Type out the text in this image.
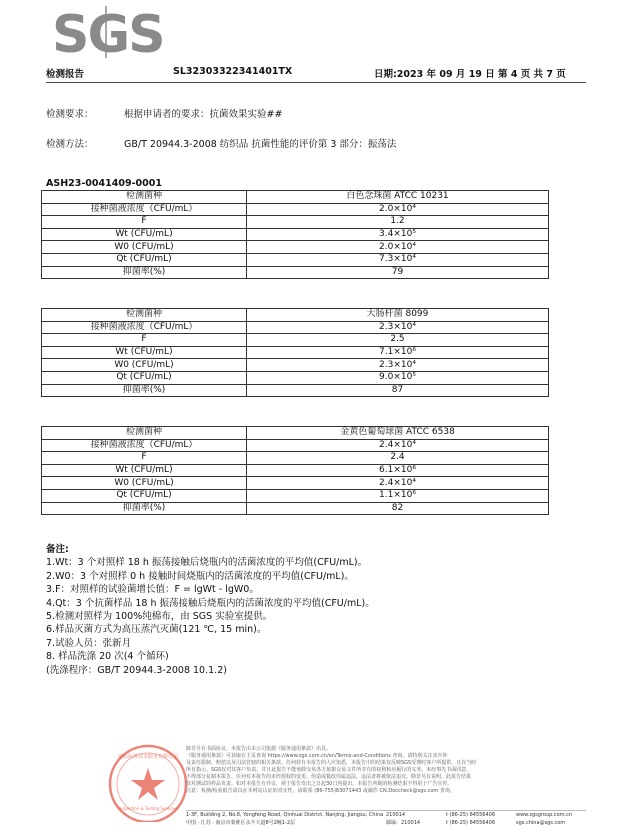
SGS
检测报告	SL32303322341401TX	日期:2023 年 09 月 19 日 第 4 页 共 7 页
检测要求：	根据申请者的要求：抗菌效果实验##
检测方法：	GB/T 20944.3-2008 纺织品 抗菌性能的评价第 3 部分：振荡法
ASH23-0041409-0001
检测菌种	白色念珠菌 ATCC 10231
接种菌液浓度（CFU/mL）	2.0×10⁴
F	1.2
Wt (CFU/mL)	3.4×10⁵
W0 (CFU/mL)	2.0×10⁴
Qt (CFU/mL)	7.3×10⁴
抑菌率(%)	79
检测菌种	大肠杆菌 8099
接种菌液浓度（CFU/mL）	2.3×10⁴
F	2.5
Wt (CFU/mL)	7.1×10⁶
W0 (CFU/mL)	2.3×10⁴
Qt (CFU/mL)	9.0×10⁵
抑菌率(%)	87
检测菌种	金黄色葡萄球菌 ATCC 6538
接种菌液浓度（CFU/mL）	2.4×10⁴
F	2.4
Wt (CFU/mL)	6.1×10⁶
W0 (CFU/mL)	2.4×10⁴
Qt (CFU/mL)	1.1×10⁶
抑菌率(%)	82
备注:
1.Wt：3 个对照样 18 h 振荡接触后烧瓶内的活菌浓度的平均值(CFU/mL)。
2.W0：3 个对照样 0 h 接触时间烧瓶内的活菌浓度的平均值(CFU/mL)。
3.F：对照样的试验菌增长值：F = lgWt - lgW0。
4.Qt：3 个抗菌样品 18 h 振荡接触后烧瓶内的活菌浓度的平均值(CFU/mL)。
5.检测对照样为 100%纯棉布，由 SGS 实验室提供。
6.样品灭菌方式为高压蒸汽灭菌(121 ℃, 15 min)。
7.试验人员：张新月
8. 样品洗涤 20 次(4 个循环)
(洗涤程序：GB/T 20944.3-2008 10.1.2)
通标标准技术服务有限公司
Inspection & Testing Services

除非另有书面协议，本报告由本公司依据《服务通用条款》出具。

《服务通用条款》可获取在主页查询 https://www.sgs.com.cn/en/Terms-and-Conditions 查询。请特别关注其中涉

及责任限制、赔偿以及司法管辖的相关条款。任何持有本报告的人应知悉，本报告中的结果仅反映SGS受理时客户所提供，且在当时

所有指示。SGS仅对其客户负责，并且此报告不能免除交易各方依据交易文件所享有的权利和应履行的义务。未经事先书面同意，

不得部分复制本报告。任何对本报告的未经授权的变更、伪造或篡改均属违法，违法者将被依法追究。除非另有说明，此报告结果

仅对测试的样品负责。如对本报告有异议，须于报告发出之日起30日内提出。本报告所载的检测结果不得用于广告宣传。

注意：检测/检验报告请以在本网站认证的真实性，请联系 (86-755)83071443 或邮件 CN.Doccheck@sgs.com 查询。

1-3F, Building 2, No.8, Yongfeng Road, Qinhuai District, Nanjing, Jiangsu, China 210014	t (86-25) 84556406	www.sgsgroup.com.cn
中国 · 江苏 · 南京市秦淮区永丰大道8号2幢1-2层	邮编：210014	t (86-25) 84556406	sgs.china@sgs.com
